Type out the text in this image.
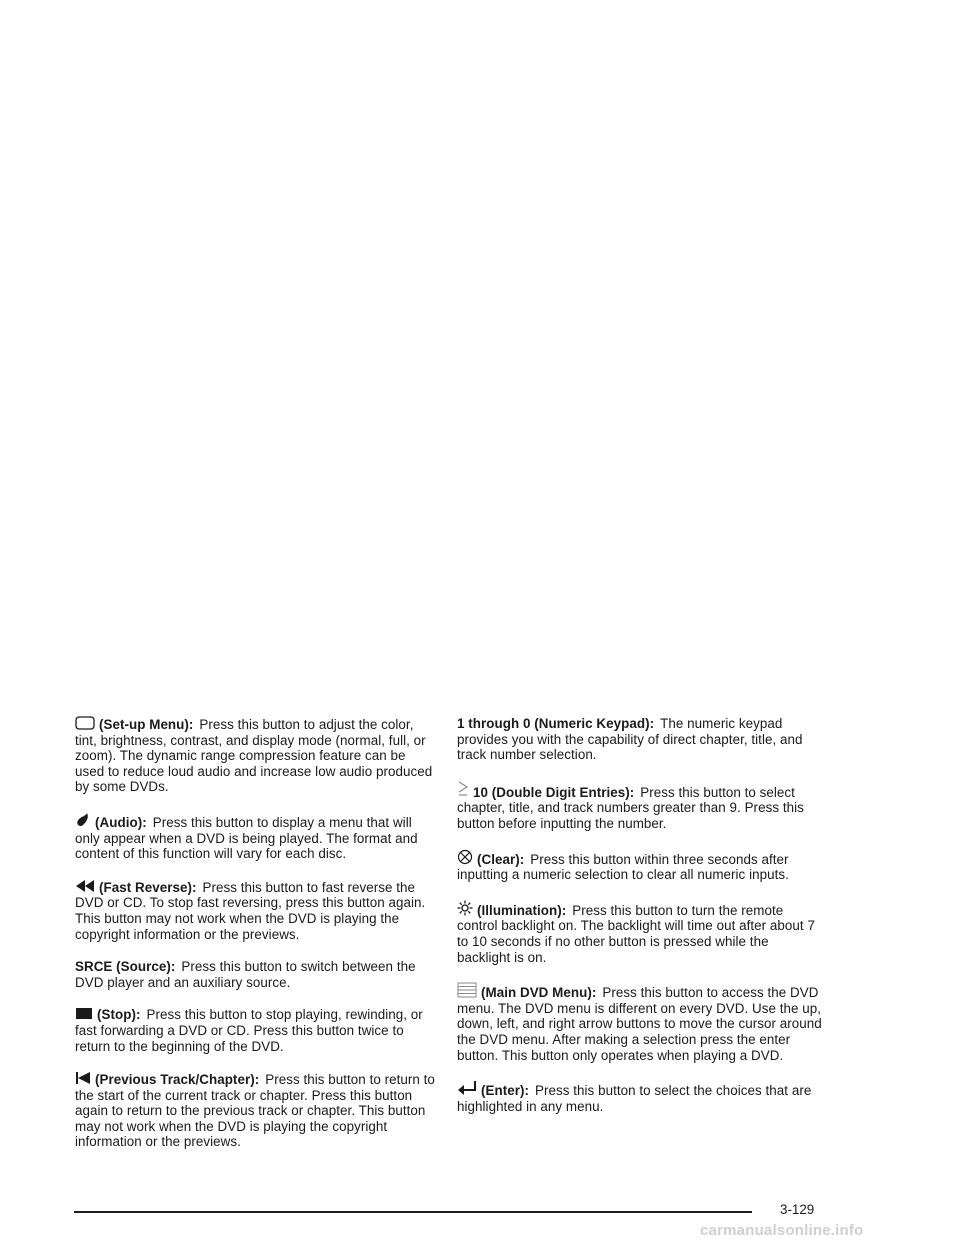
(Set-up Menu): Press this button to adjust the color, tint, brightness, contrast, and display mode (normal, full, or zoom). The dynamic range compression feature can be used to reduce loud audio and increase low audio produced by some DVDs.

(Audio): Press this button to display a menu that will only appear when a DVD is being played. The format and content of this function will vary for each disc.

(Fast Reverse): Press this button to fast reverse the DVD or CD. To stop fast reversing, press this button again. This button may not work when the DVD is playing the copyright information or the previews.

SRCE (Source): Press this button to switch between the DVD player and an auxiliary source.

(Stop): Press this button to stop playing, rewinding, or fast forwarding a DVD or CD. Press this button twice to return to the beginning of the DVD.

(Previous Track/Chapter): Press this button to return to the start of the current track or chapter. Press this button again to return to the previous track or chapter. This button may not work when the DVD is playing the copyright information or the previews.

1 through 0 (Numeric Keypad): The numeric keypad provides you with the capability of direct chapter, title, and track number selection.

10 (Double Digit Entries): Press this button to select chapter, title, and track numbers greater than 9. Press this button before inputting the number.

(Clear): Press this button within three seconds after inputting a numeric selection to clear all numeric inputs.

(Illumination): Press this button to turn the remote control backlight on. The backlight will time out after about 7 to 10 seconds if no other button is pressed while the backlight is on.

(Main DVD Menu): Press this button to access the DVD menu. The DVD menu is different on every DVD. Use the up, down, left, and right arrow buttons to move the cursor around the DVD menu. After making a selection press the enter button. This button only operates when playing a DVD.

(Enter): Press this button to select the choices that are highlighted in any menu.

3-129
carmanualsonline.info
